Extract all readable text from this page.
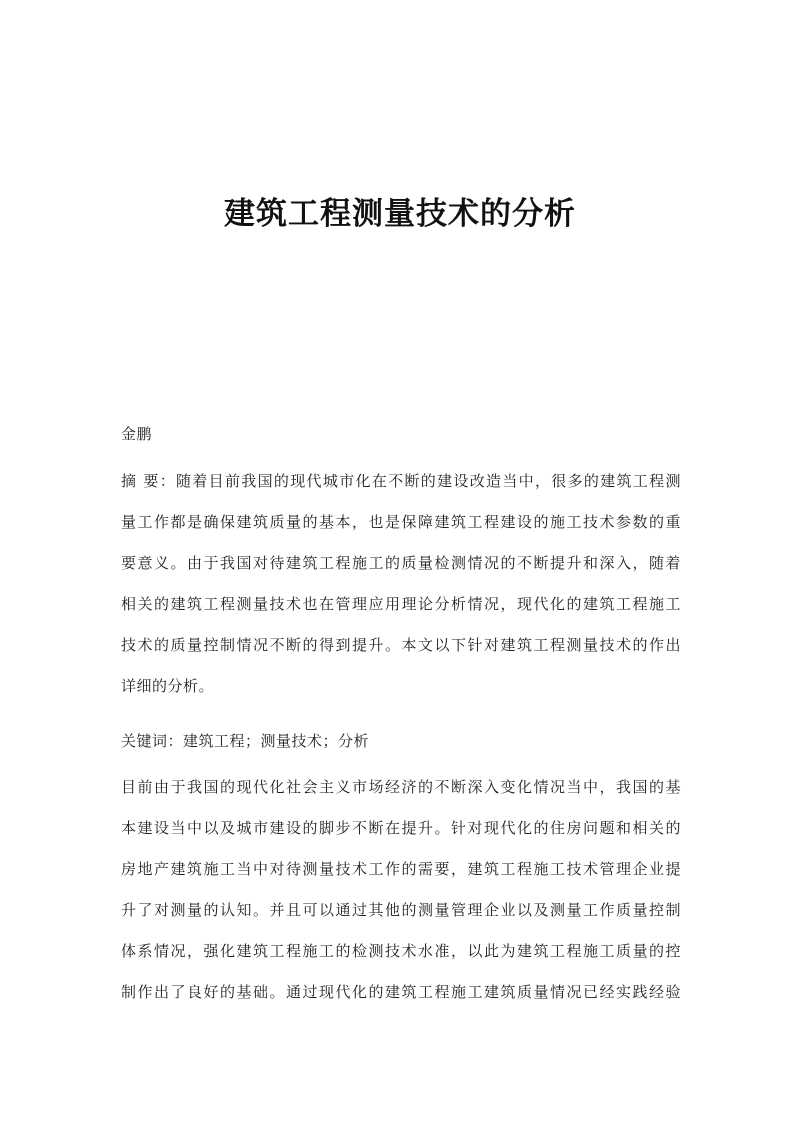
建筑工程测量技术的分析
金鹏
摘 要：随着目前我国的现代城市化在不断的建设改造当中，很多的建筑工程测
量工作都是确保建筑质量的基本，也是保障建筑工程建设的施工技术参数的重
要意义。由于我国对待建筑工程施工的质量检测情况的不断提升和深入，随着
相关的建筑工程测量技术也在管理应用理论分析情况，现代化的建筑工程施工
技术的质量控制情况不断的得到提升。本文以下针对建筑工程测量技术的作出
详细的分析。
关键词：建筑工程；测量技术；分析
目前由于我国的现代化社会主义市场经济的不断深入变化情况当中，我国的基
本建设当中以及城市建设的脚步不断在提升。针对现代化的住房问题和相关的
房地产建筑施工当中对待测量技术工作的需要，建筑工程施工技术管理企业提
升了对测量的认知。并且可以通过其他的测量管理企业以及测量工作质量控制
体系情况，强化建筑工程施工的检测技术水准，以此为建筑工程施工质量的控
制作出了良好的基础。通过现代化的建筑工程施工建筑质量情况已经实践经验
